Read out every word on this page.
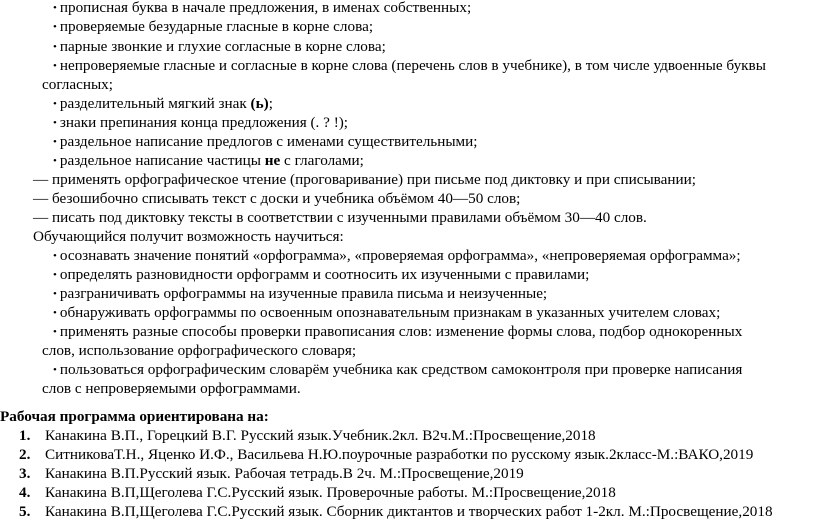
• прописная буква в начале предложения, в именах собственных;
• проверяемые безударные гласные в корне слова;
• парные звонкие и глухие согласные в корне слова;
• непроверяемые гласные и согласные в корне слова (перечень слов в учебнике), в том числе удвоенные буквы
согласных;
• разделительный мягкий знак (ь);
• знаки препинания конца предложения (. ? !);
• раздельное написание предлогов с именами существительными;
• раздельное написание частицы не с глаголами;
— применять орфографическое чтение (проговаривание) при письме под диктовку и при списывании;
— безошибочно списывать текст с доски и учебника объёмом 40—50 слов;
— писать под диктовку тексты в соответствии с изученными правилами объёмом 30—40 слов.
Обучающийся получит возможность научиться:
• осознавать значение понятий «орфограмма», «проверяемая орфограмма», «непроверяемая орфограмма»;
• определять разновидности орфограмм и соотносить их изученными с правилами;
• разграничивать орфограммы на изученные правила письма и неизученные;
• обнаруживать орфограммы по освоенным опознавательным признакам в указанных учителем словах;
• применять разные способы проверки правописания слов: изменение формы слова, подбор однокоренных
слов, использование орфографического словаря;
• пользоваться орфографическим словарём учебника как средством самоконтроля при проверке написания
слов с непроверяемыми орфограммами.
Рабочая программа ориентирована на:
1. Канакина В.П., Горецкий В.Г. Русский язык.Учебник.2кл. В2ч.М.:Просвещение,2018
2. СитниковаТ.Н., Яценко И.Ф., Васильева Н.Ю.поурочные разработки по русскому язык.2класс-М.:ВАКО,2019
3. Канакина В.П.Русский язык. Рабочая тетрадь.В 2ч. М.:Просвещение,2019
4. Канакина В.П,Щеголева Г.С.Русский язык. Проверочные работы. М.:Просвещение,2018
5. Канакина В.П,Щеголева Г.С.Русский язык. Сборник диктантов и творческих работ 1-2кл. М.:Просвещение,2018
